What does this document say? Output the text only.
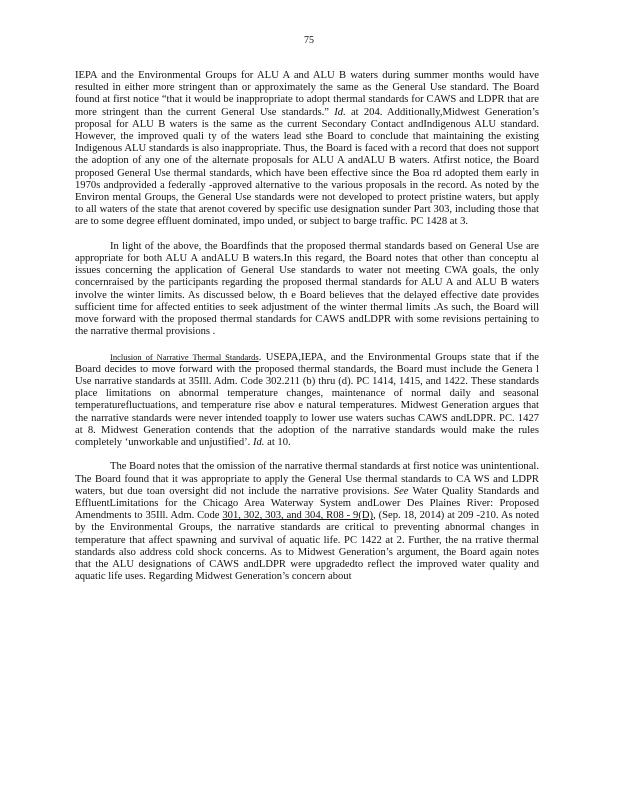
75

IEPA and the Environmental Groups for ALU A and ALU B waters during summer months would have resulted in either more stringent than or approximately the same as the General Use standard. The Board found at first notice “that it would be inappropriate to adopt thermal standards for CAWS and LDPR that are more stringent than the current General Use standards.” Id. at 204. Additionally,Midwest Generation’s proposal for ALU B waters is the same as the current Secondary Contact andIndigenous ALU standard. However, the improved quali ty of the waters lead sthe Board to conclude that maintaining the existing Indigenous ALU standards is also inappropriate. Thus, the Board is faced with a record that does not support the adoption of any one of the alternate proposals for ALU A andALU B waters. Atfirst notice, the Board proposed General Use thermal standards, which have been effective since the Boa rd adopted them early in 1970s andprovided a federally -approved alternative to the various proposals in the record. As noted by the Environ mental Groups, the General Use standards were not developed to protect pristine waters, but apply to all waters of the state that arenot covered by specific use designation sunder Part 303, including those that are to some degree effluent dominated, impo unded, or subject to barge traffic. PC 1428 at 3.

In light of the above, the Boardfinds that the proposed thermal standards based on General Use are appropriate for both ALU A andALU B waters.In this regard, the Board notes that other than conceptu al issues concerning the application of General Use standards to water not meeting CWA goals, the only concernraised by the participants regarding the proposed thermal standards for ALU A and ALU B waters involve the winter limits. As discussed below, th e Board believes that the delayed effective date provides sufficient time for affected entities to seek adjustment of the winter thermal limits .As such, the Board will move forward with the proposed thermal standards for CAWS andLDPR with some revisions pertaining to the narrative thermal provisions .

Inclusion of Narrative Thermal Standards. USEPA,IEPA, and the Environmental Groups state that if the Board decides to move forward with the proposed thermal standards, the Board must include the Genera l Use narrative standards at 35Ill. Adm. Code 302.211 (b) thru (d). PC 1414, 1415, and 1422. These standards place limitations on abnormal temperature changes, maintenance of normal daily and seasonal temperaturefluctuations, and temperature rise abov e natural temperatures. Midwest Generation argues that the narrative standards were never intended toapply to lower use waters suchas CAWS andLDPR. PC. 1427 at 8. Midwest Generation contends that the adoption of the narrative standards would make the rules completely ‘unworkable and unjustified’. Id. at 10.

The Board notes that the omission of the narrative thermal standards at first notice was unintentional. The Board found that it was appropriate to apply the General Use thermal standards to CA WS and LDPR waters, but due toan oversight did not include the narrative provisions. See Water Quality Standards and EffluentLimitations for the Chicago Area Waterway System andLower Des Plaines River: Proposed Amendments to 35Ill. Adm. Code 301, 302, 303, and 304, R08 - 9(D), (Sep. 18, 2014) at 209 -210. As noted by the Environmental Groups, the narrative standards are critical to preventing abnormal changes in temperature that affect spawning and survival of aquatic life. PC 1422 at 2. Further, the na rrative thermal standards also address cold shock concerns. As to Midwest Generation’s argument, the Board again notes that the ALU designations of CAWS andLDPR were upgradedto reflect the improved water quality and aquatic life uses. Regarding Midwest Generation’s concern about
